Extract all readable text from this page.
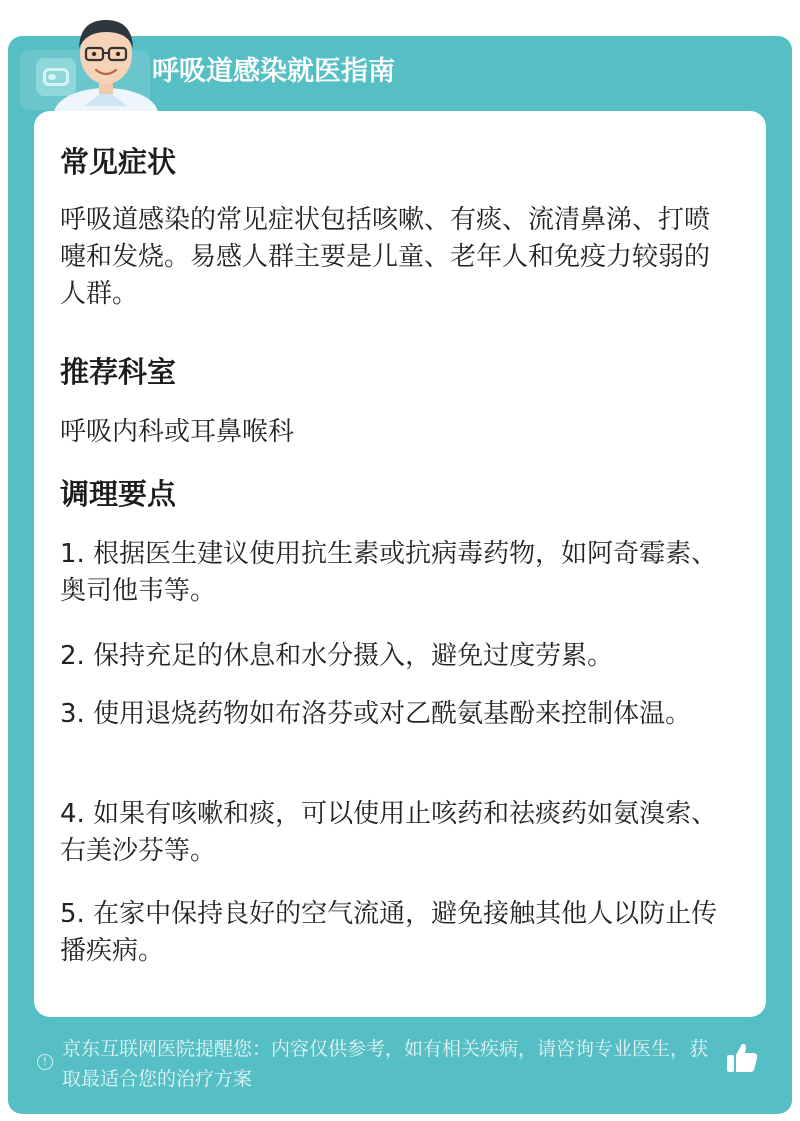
呼吸道感染就医指南
常见症状
呼吸道感染的常见症状包括咳嗽、有痰、流清鼻涕、打喷嚏和发烧。易感人群主要是儿童、老年人和免疫力较弱的人群。
推荐科室
呼吸内科或耳鼻喉科
调理要点
1. 根据医生建议使用抗生素或抗病毒药物，如阿奇霉素、奥司他韦等。
2. 保持充足的休息和水分摄入，避免过度劳累。
3. 使用退烧药物如布洛芬或对乙酰氨基酚来控制体温。
4. 如果有咳嗽和痰，可以使用止咳药和祛痰药如氨溴索、右美沙芬等。
5. 在家中保持良好的空气流通，避免接触其他人以防止传播疾病。
!
京东互联网医院提醒您：内容仅供参考，如有相关疾病，请咨询专业医生，获取最适合您的治疗方案
